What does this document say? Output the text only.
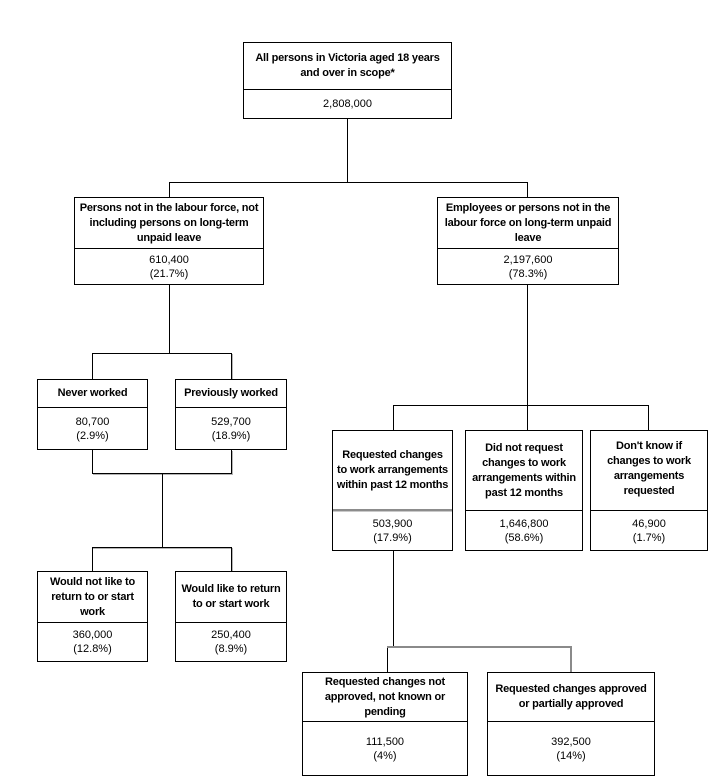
All persons in Victoria aged 18 years and over in scope*
2,808,000
Persons not in the labour force, not including persons on long-term unpaid leave
610,400
(21.7%)
Employees or persons not in the labour force on long-term unpaid leave
2,197,600
(78.3%)
Never worked
80,700
(2.9%)
Previously worked
529,700
(18.9%)
Would not like to return to or start work
360,000
(12.8%)
Would like to return to or start work
250,400
(8.9%)
Requested changes to work arrangements within past 12 months
503,900
(17.9%)
Did not request changes to work arrangements within past 12 months
1,646,800
(58.6%)
Don't know if changes to work arrangements requested
46,900
(1.7%)
Requested changes not approved, not known or pending
111,500
(4%)
Requested changes approved or partially approved
392,500
(14%)
